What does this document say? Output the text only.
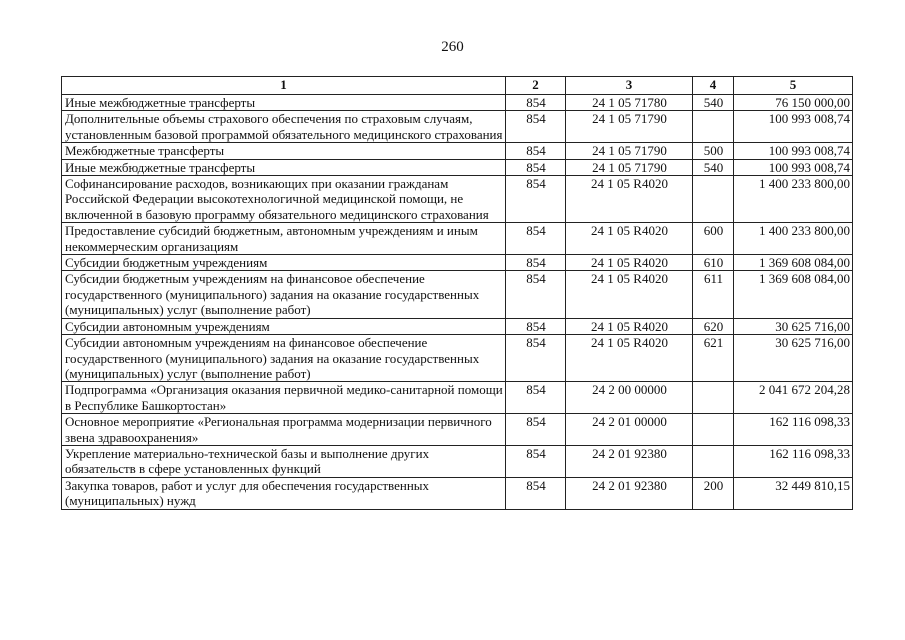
260
1	2	3	4	5
Иные межбюджетные трансферты	854	24 1 05 71780	540	76 150 000,00
Дополнительные объемы страхового обеспечения по страховым случаям, установленным базовой программой обязательного медицинского страхования	854	24 1 05 71790		100 993 008,74
Межбюджетные трансферты	854	24 1 05 71790	500	100 993 008,74
Иные межбюджетные трансферты	854	24 1 05 71790	540	100 993 008,74
Софинансирование расходов, возникающих при оказании гражданам Российской Федерации высокотехнологичной медицинской помощи, не включенной в базовую программу обязательного медицинского страхования	854	24 1 05 R4020		1 400 233 800,00
Предоставление субсидий бюджетным, автономным учреждениям и иным некоммерческим организациям	854	24 1 05 R4020	600	1 400 233 800,00
Субсидии бюджетным учреждениям	854	24 1 05 R4020	610	1 369 608 084,00
Субсидии бюджетным учреждениям на финансовое обеспечение государственного (муниципального) задания на оказание государственных (муниципальных) услуг (выполнение работ)	854	24 1 05 R4020	611	1 369 608 084,00
Субсидии автономным учреждениям	854	24 1 05 R4020	620	30 625 716,00
Субсидии автономным учреждениям на финансовое обеспечение государственного (муниципального) задания на оказание государственных (муниципальных) услуг (выполнение работ)	854	24 1 05 R4020	621	30 625 716,00
Подпрограмма «Организация оказания первичной медико-санитарной помощи в Республике Башкортостан»	854	24 2 00 00000		2 041 672 204,28
Основное мероприятие «Региональная программа модернизации первичного звена здравоохранения»	854	24 2 01 00000		162 116 098,33
Укрепление материально-технической базы и выполнение других обязательств в сфере установленных функций	854	24 2 01 92380		162 116 098,33
Закупка товаров, работ и услуг для обеспечения государственных (муниципальных) нужд	854	24 2 01 92380	200	32 449 810,15
